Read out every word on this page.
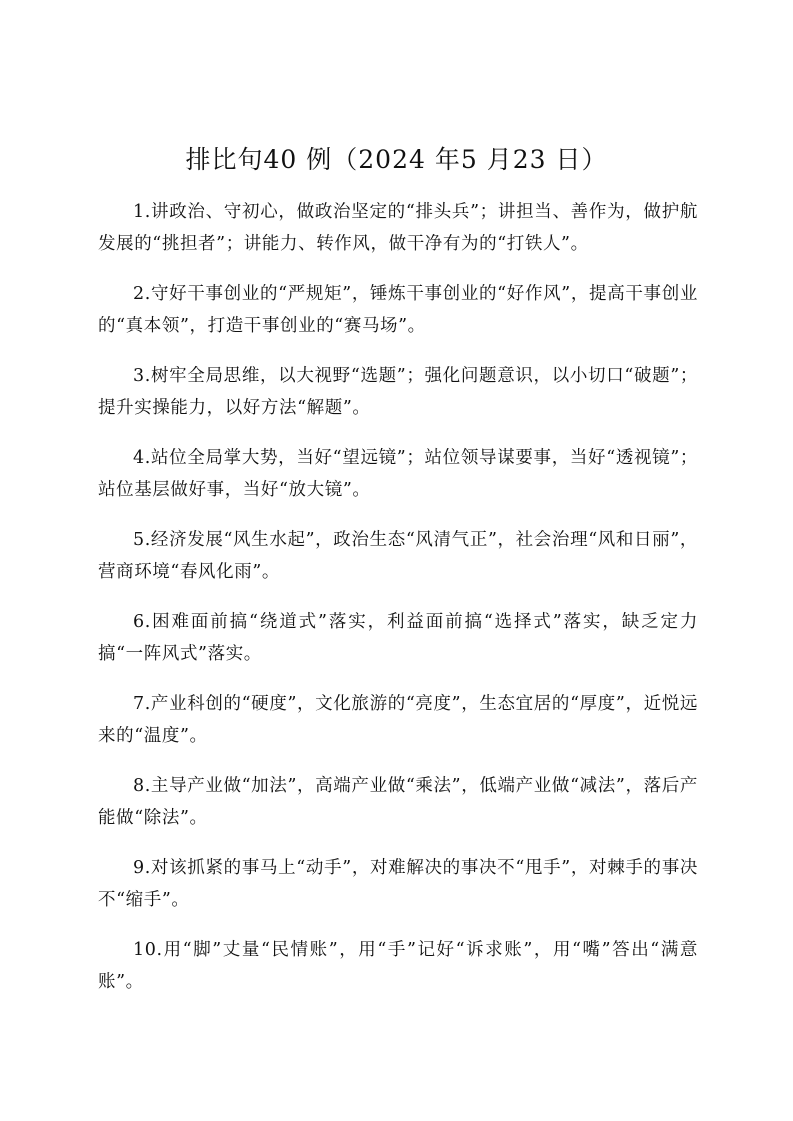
排比句40 例（2024 年5 月23 日）

1.讲政治、守初心，做政治坚定的“排头兵”；讲担当、善作为，做护航发展的“挑担者”；讲能力、转作风，做干净有为的“打铁人”。

2.守好干事创业的“严规矩”，锤炼干事创业的“好作风”，提高干事创业的“真本领”，打造干事创业的“赛马场”。

3.树牢全局思维，以大视野“选题”；强化问题意识，以小切口“破题”；提升实操能力，以好方法“解题”。

4.站位全局掌大势，当好“望远镜”；站位领导谋要事，当好“透视镜”；站位基层做好事，当好“放大镜”。

5.经济发展“风生水起”，政治生态“风清气正”，社会治理“风和日丽”，营商环境“春风化雨”。

6.困难面前搞“绕道式”落实，利益面前搞“选择式”落实，缺乏定力搞“一阵风式”落实。

7.产业科创的“硬度”，文化旅游的“亮度”，生态宜居的“厚度”，近悦远来的“温度”。

8.主导产业做“加法”，高端产业做“乘法”，低端产业做“减法”，落后产能做“除法”。

9.对该抓紧的事马上“动手”，对难解决的事决不“甩手”，对棘手的事决不“缩手”。

10.用“脚”丈量“民情账”，用“手”记好“诉求账”，用“嘴”答出“满意账”。
